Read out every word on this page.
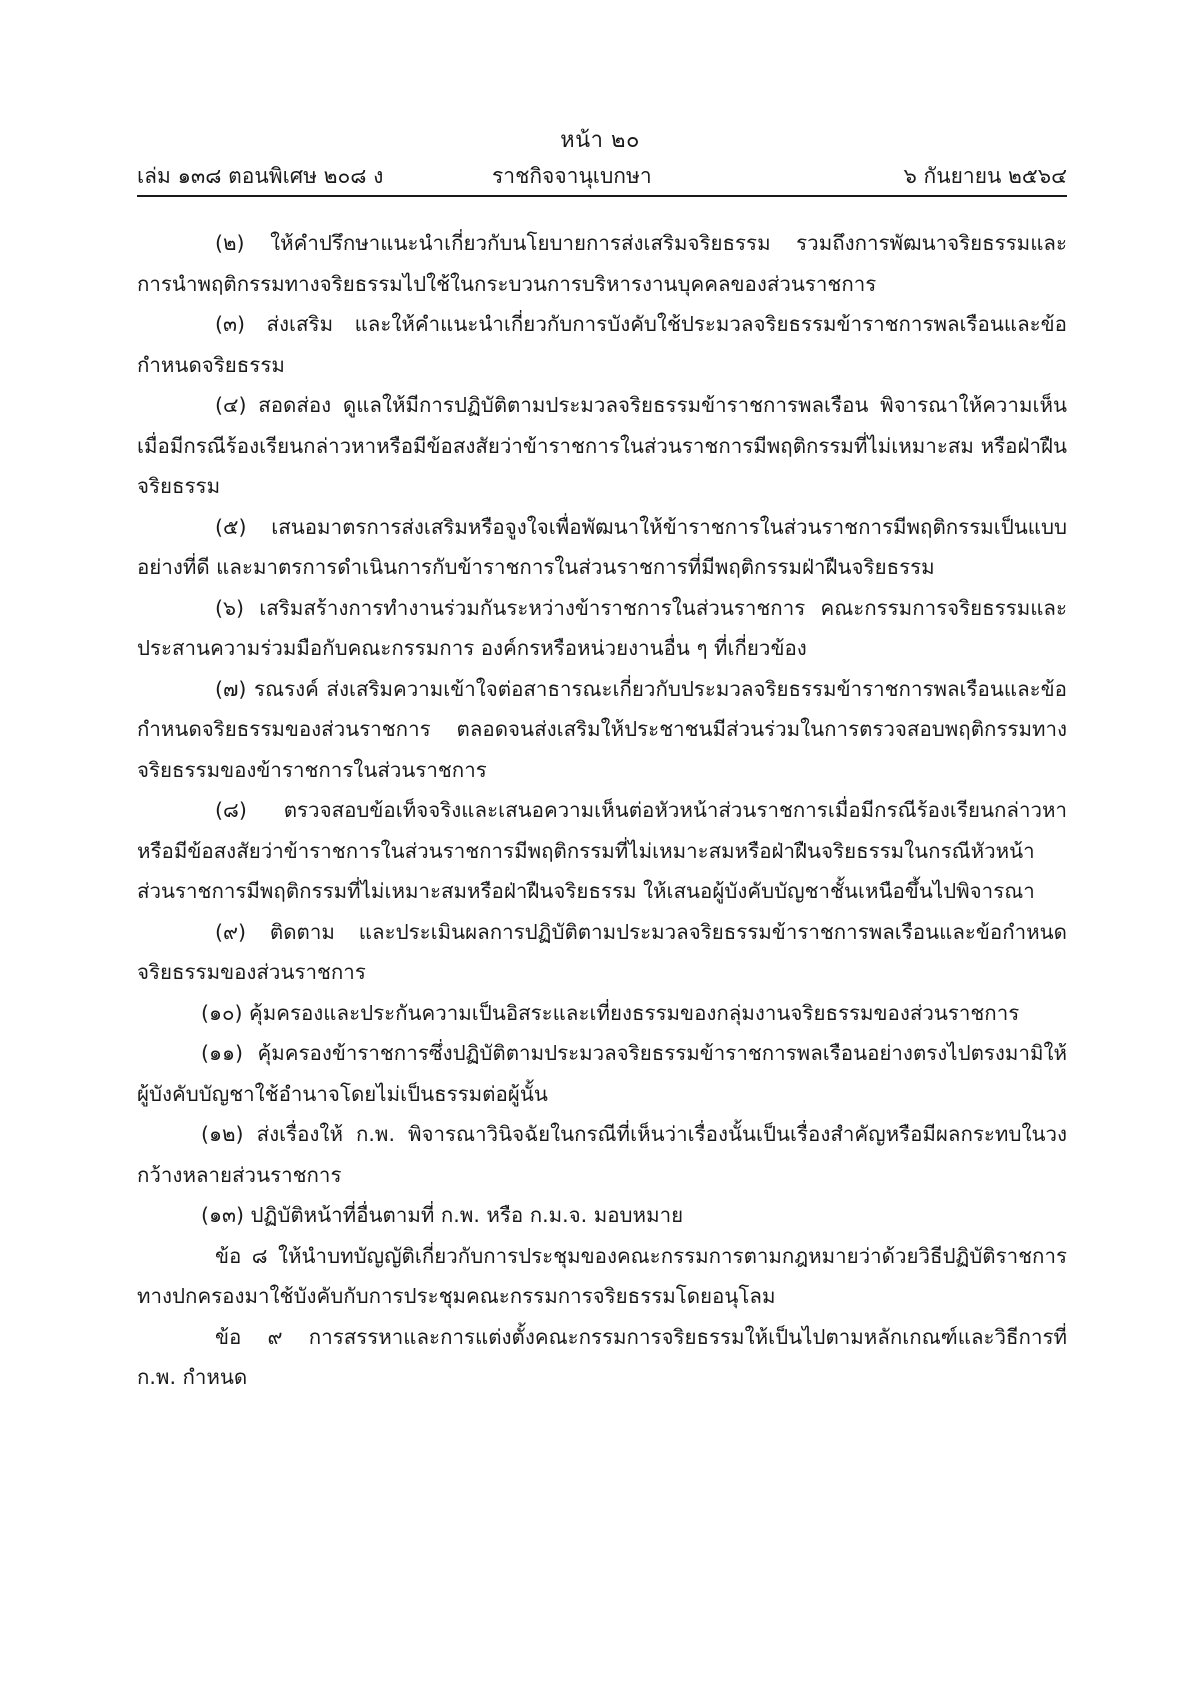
หน้า ๒๐
เล่ม ๑๓๘ ตอนพิเศษ ๒๐๘ ง	ราชกิจจานุเบกษา	๖ กันยายน ๒๕๖๔

(๒) ให้คำปรึกษาแนะนำเกี่ยวกับนโยบายการส่งเสริมจริยธรรม รวมถึงการพัฒนาจริยธรรมและการนำพฤติกรรมทางจริยธรรมไปใช้ในกระบวนการบริหารงานบุคคลของส่วนราชการ

(๓) ส่งเสริม และให้คำแนะนำเกี่ยวกับการบังคับใช้ประมวลจริยธรรมข้าราชการพลเรือนและข้อกำหนดจริยธรรม

(๔) สอดส่อง ดูแลให้มีการปฏิบัติตามประมวลจริยธรรมข้าราชการพลเรือน พิจารณาให้ความเห็นเมื่อมีกรณีร้องเรียนกล่าวหาหรือมีข้อสงสัยว่าข้าราชการในส่วนราชการมีพฤติกรรมที่ไม่เหมาะสม หรือฝ่าฝืนจริยธรรม

(๕) เสนอมาตรการส่งเสริมหรือจูงใจเพื่อพัฒนาให้ข้าราชการในส่วนราชการมีพฤติกรรมเป็นแบบอย่างที่ดี และมาตรการดำเนินการกับข้าราชการในส่วนราชการที่มีพฤติกรรมฝ่าฝืนจริยธรรม

(๖) เสริมสร้างการทำงานร่วมกันระหว่างข้าราชการในส่วนราชการ คณะกรรมการจริยธรรมและประสานความร่วมมือกับคณะกรรมการ องค์กรหรือหน่วยงานอื่น ๆ ที่เกี่ยวข้อง

(๗) รณรงค์ ส่งเสริมความเข้าใจต่อสาธารณะเกี่ยวกับประมวลจริยธรรมข้าราชการพลเรือนและข้อกำหนดจริยธรรมของส่วนราชการ ตลอดจนส่งเสริมให้ประชาชนมีส่วนร่วมในการตรวจสอบพฤติกรรมทางจริยธรรมของข้าราชการในส่วนราชการ

(๘) ตรวจสอบข้อเท็จจริงและเสนอความเห็นต่อหัวหน้าส่วนราชการเมื่อมีกรณีร้องเรียนกล่าวหาหรือมีข้อสงสัยว่าข้าราชการในส่วนราชการมีพฤติกรรมที่ไม่เหมาะสมหรือฝ่าฝืนจริยธรรมในกรณีหัวหน้าส่วนราชการมีพฤติกรรมที่ไม่เหมาะสมหรือฝ่าฝืนจริยธรรม ให้เสนอผู้บังคับบัญชาชั้นเหนือขึ้นไปพิจารณา

(๙) ติดตาม และประเมินผลการปฏิบัติตามประมวลจริยธรรมข้าราชการพลเรือนและข้อกำหนดจริยธรรมของส่วนราชการ

(๑๐) คุ้มครองและประกันความเป็นอิสระและเที่ยงธรรมของกลุ่มงานจริยธรรมของส่วนราชการ

(๑๑) คุ้มครองข้าราชการซึ่งปฏิบัติตามประมวลจริยธรรมข้าราชการพลเรือนอย่างตรงไปตรงมามิให้ผู้บังคับบัญชาใช้อำนาจโดยไม่เป็นธรรมต่อผู้นั้น

(๑๒) ส่งเรื่องให้ ก.พ. พิจารณาวินิจฉัยในกรณีที่เห็นว่าเรื่องนั้นเป็นเรื่องสำคัญหรือมีผลกระทบในวงกว้างหลายส่วนราชการ

(๑๓) ปฏิบัติหน้าที่อื่นตามที่ ก.พ. หรือ ก.ม.จ. มอบหมาย

ข้อ ๘ ให้นำบทบัญญัติเกี่ยวกับการประชุมของคณะกรรมการตามกฎหมายว่าด้วยวิธีปฏิบัติราชการทางปกครองมาใช้บังคับกับการประชุมคณะกรรมการจริยธรรมโดยอนุโลม

ข้อ ๙ การสรรหาและการแต่งตั้งคณะกรรมการจริยธรรมให้เป็นไปตามหลักเกณฑ์และวิธีการที่ ก.พ. กำหนด
